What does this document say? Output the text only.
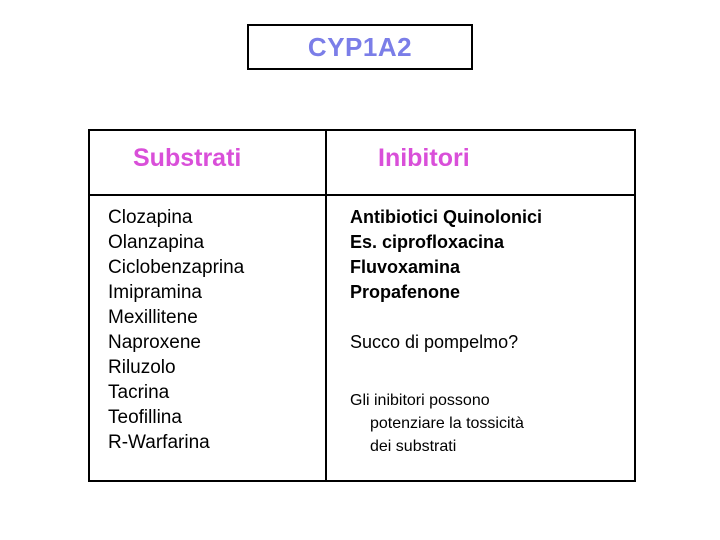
CYP1A2
Substrati	Inibitori
Clozapina
Olanzapina
Ciclobenzaprina
Imipramina
Mexillitene
Naproxene
Riluzolo
Tacrina
Teofillina
R-Warfarina
Antibiotici Quinolonici
Es. ciprofloxacina
Fluvoxamina
Propafenone
Succo di pompelmo?
Gli inibitori possono
potenziare la tossicità
dei substrati
